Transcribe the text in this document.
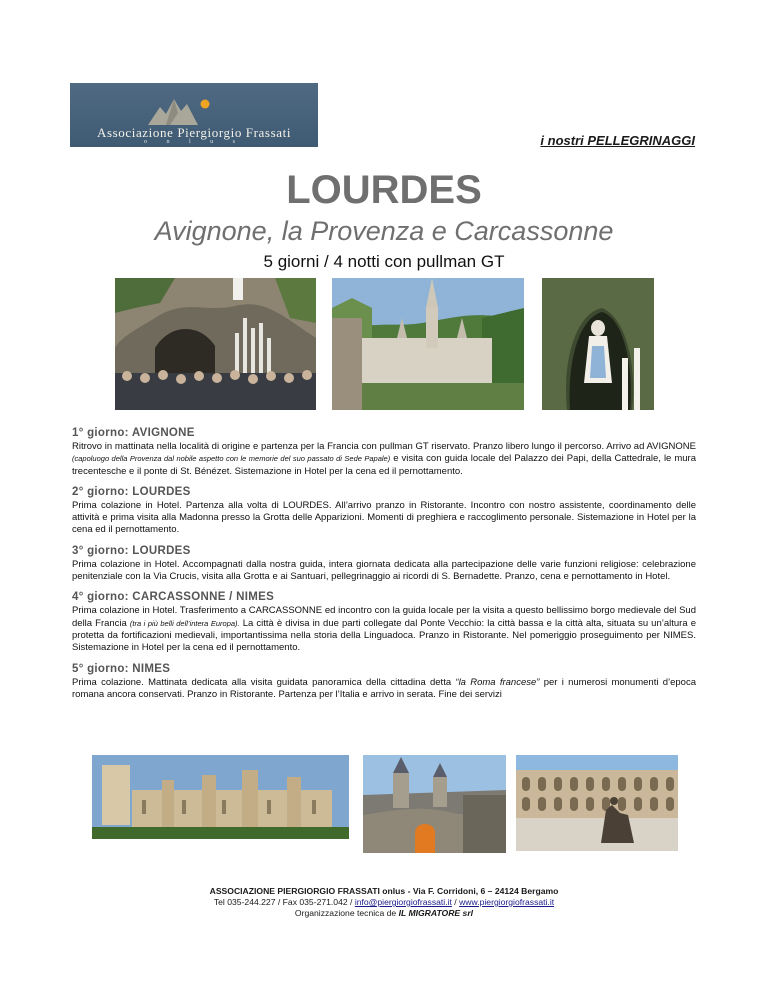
Associazione Piergiorgio Frassati
o n l u s	i nostri PELLEGRINAGGI
LOURDES
Avignone, la Provenza e Carcassonne
5 giorni / 4 notti con pullman GT
1° giorno: AVIGNONE

Ritrovo in mattinata nella località di origine e partenza per la Francia con pullman GT riservato. Pranzo libero lungo il percorso. Arrivo ad AVIGNONE (capoluogo della Provenza dal nobile aspetto con le memorie del suo passato di Sede Papale) e visita con guida locale del Palazzo dei Papi, della Cattedrale, le mura trecentesche e il ponte di St. Bénézet. Sistemazione in Hotel per la cena ed il pernottamento.

2° giorno: LOURDES

Prima colazione in Hotel. Partenza alla volta di LOURDES. All’arrivo pranzo in Ristorante. Incontro con nostro assistente, coordinamento delle attività e prima visita alla Madonna presso la Grotta delle Apparizioni. Momenti di preghiera e raccoglimento personale. Sistemazione in Hotel per la cena ed il pernottamento.

3° giorno: LOURDES

Prima colazione in Hotel. Accompagnati dalla nostra guida, intera giornata dedicata alla partecipazione delle varie funzioni religiose: celebrazione penitenziale con la Via Crucis, visita alla Grotta e ai Santuari, pellegrinaggio ai ricordi di S. Bernadette. Pranzo, cena e pernottamento in Hotel.

4° giorno: CARCASSONNE / NIMES

Prima colazione in Hotel. Trasferimento a CARCASSONNE ed incontro con la guida locale per la visita a questo bellissimo borgo medievale del Sud della Francia (tra i più belli dell’intera Europa). La città è divisa in due parti collegate dal Ponte Vecchio: la città bassa e la città alta, situata su un’altura e protetta da fortificazioni medievali, importantissima nella storia della Linguadoca. Pranzo in Ristorante. Nel pomeriggio proseguimento per NIMES. Sistemazione in Hotel per la cena ed il pernottamento.

5° giorno: NIMES

Prima colazione. Mattinata dedicata alla visita guidata panoramica della cittadina detta “la Roma francese” per i numerosi monumenti d’epoca romana ancora conservati. Pranzo in Ristorante. Partenza per l’Italia e arrivo in serata. Fine dei servizi

ASSOCIAZIONE PIERGIORGIO FRASSATI onlus - Via F. Corridoni, 6 – 24124 Bergamo
Tel 035-244.227 / Fax 035-271.042 / info@piergiorgiofrassati.it / www.piergiorgiofrassati.it
Organizzazione tecnica de IL MIGRATORE srl
